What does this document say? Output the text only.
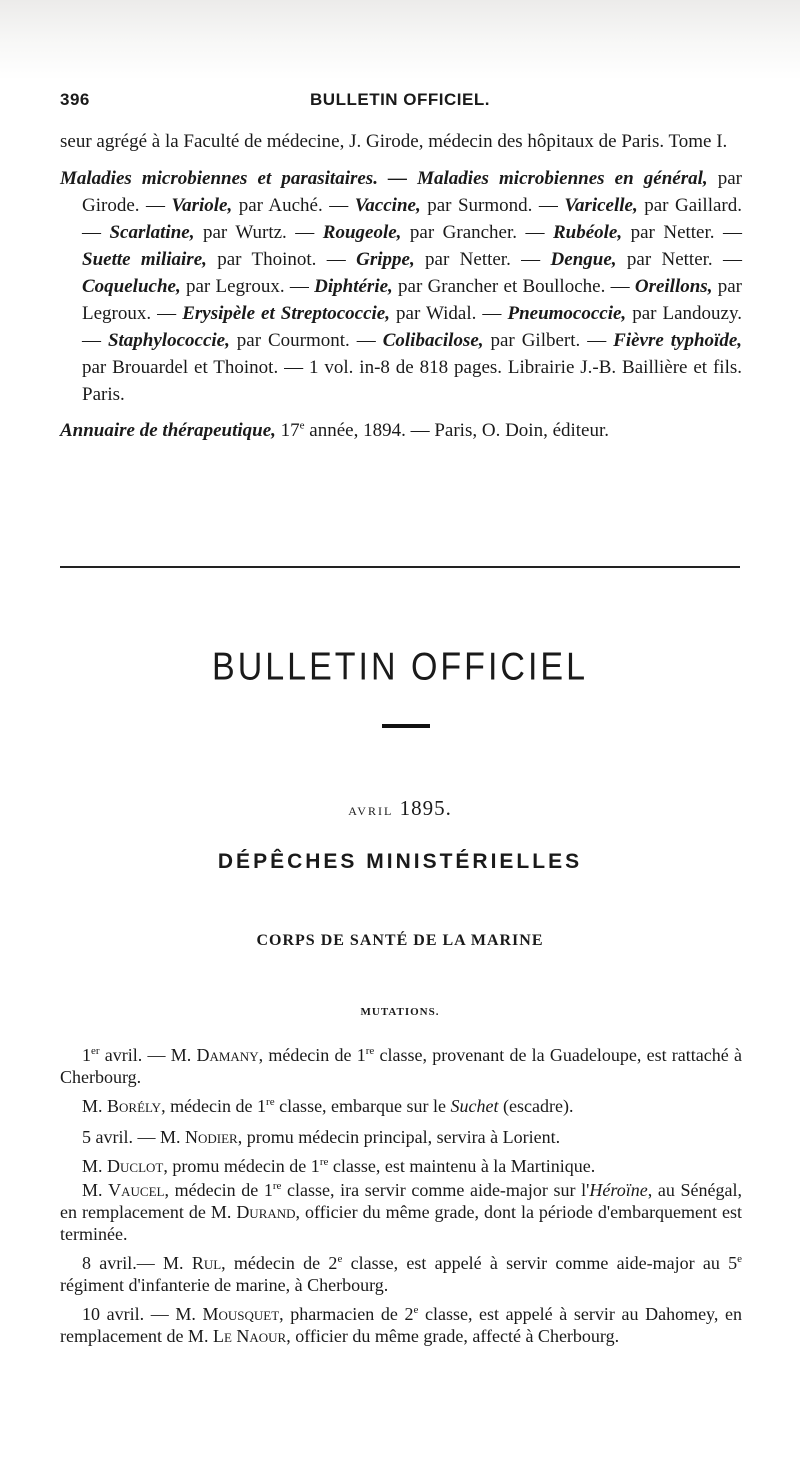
396	BULLETIN OFFICIEL.

seur agrégé à la Faculté de médecine, J. Girode, médecin des hôpitaux de Paris. Tome I.

Maladies microbiennes et parasitaires. — Maladies microbiennes en général, par Girode. — Variole, par Auché. — Vaccine, par Surmond. — Varicelle, par Gaillard. — Scarlatine, par Wurtz. — Rougeole, par Grancher. — Rubéole, par Netter. — Suette miliaire, par Thoinot. — Grippe, par Netter. — Dengue, par Netter. — Coqueluche, par Legroux. — Diphtérie, par Grancher et Boulloche. — Oreillons, par Legroux. — Erysipèle et Streptococcie, par Widal. — Pneumococcie, par Landouzy. — Staphylococcie, par Courmont. — Colibacilose, par Gilbert. — Fièvre typhoïde, par Brouardel et Thoinot. — 1 vol. in-8 de 818 pages. Librairie J.-B. Baillière et fils. Paris.

Annuaire de thérapeutique, 17e année, 1894. — Paris, O. Doin, éditeur.

BULLETIN OFFICIEL
avril 1895.
DÉPÊCHES MINISTÉRIELLES
CORPS DE SANTÉ DE LA MARINE
MUTATIONS.

1er avril. — M. Damany, médecin de 1re classe, provenant de la Guadeloupe, est rattaché à Cherbourg.

M. Borély, médecin de 1re classe, embarque sur le Suchet (escadre).

5 avril. — M. Nodier, promu médecin principal, servira à Lorient.

M. Duclot, promu médecin de 1re classe, est maintenu à la Martinique.

M. Vaucel, médecin de 1re classe, ira servir comme aide-major sur l'Héroïne, au Sénégal, en remplacement de M. Durand, officier du même grade, dont la période d'embarquement est terminée.

8 avril.— M. Rul, médecin de 2e classe, est appelé à servir comme aide-major au 5e régiment d'infanterie de marine, à Cherbourg.

10 avril. — M. Mousquet, pharmacien de 2e classe, est appelé à servir au Dahomey, en remplacement de M. Le Naour, officier du même grade, affecté à Cherbourg.
